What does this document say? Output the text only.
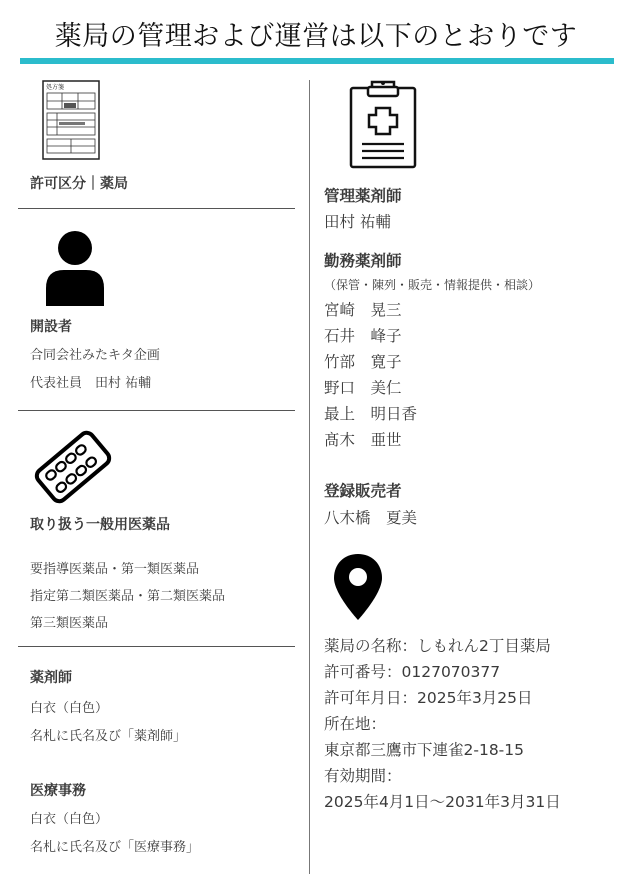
薬局の管理および運営は以下のとおりです
処方箋
許可区分｜薬局
開設者
合同会社みたキタ企画
代表社員　田村 祐輔
取り扱う一般用医薬品
要指導医薬品・第一類医薬品
指定第二類医薬品・第二類医薬品
第三類医薬品
薬剤師
白衣（白色）
名札に氏名及び「薬剤師」
医療事務
白衣（白色）
名札に氏名及び「医療事務」
管理薬剤師
田村 祐輔
勤務薬剤師
（保管・陳列・販売・情報提供・相談）
宮崎　晃三
石井　峰子
竹部　寛子
野口　美仁
最上　明日香
髙木　亜世
登録販売者
八木橋　夏美
薬局の名称：しもれん2丁目薬局
許可番号：0127070377
許可年月日：2025年3月25日
所在地：
東京都三鷹市下連雀2-18-15
有効期間：
2025年4月1日～2031年3月31日
